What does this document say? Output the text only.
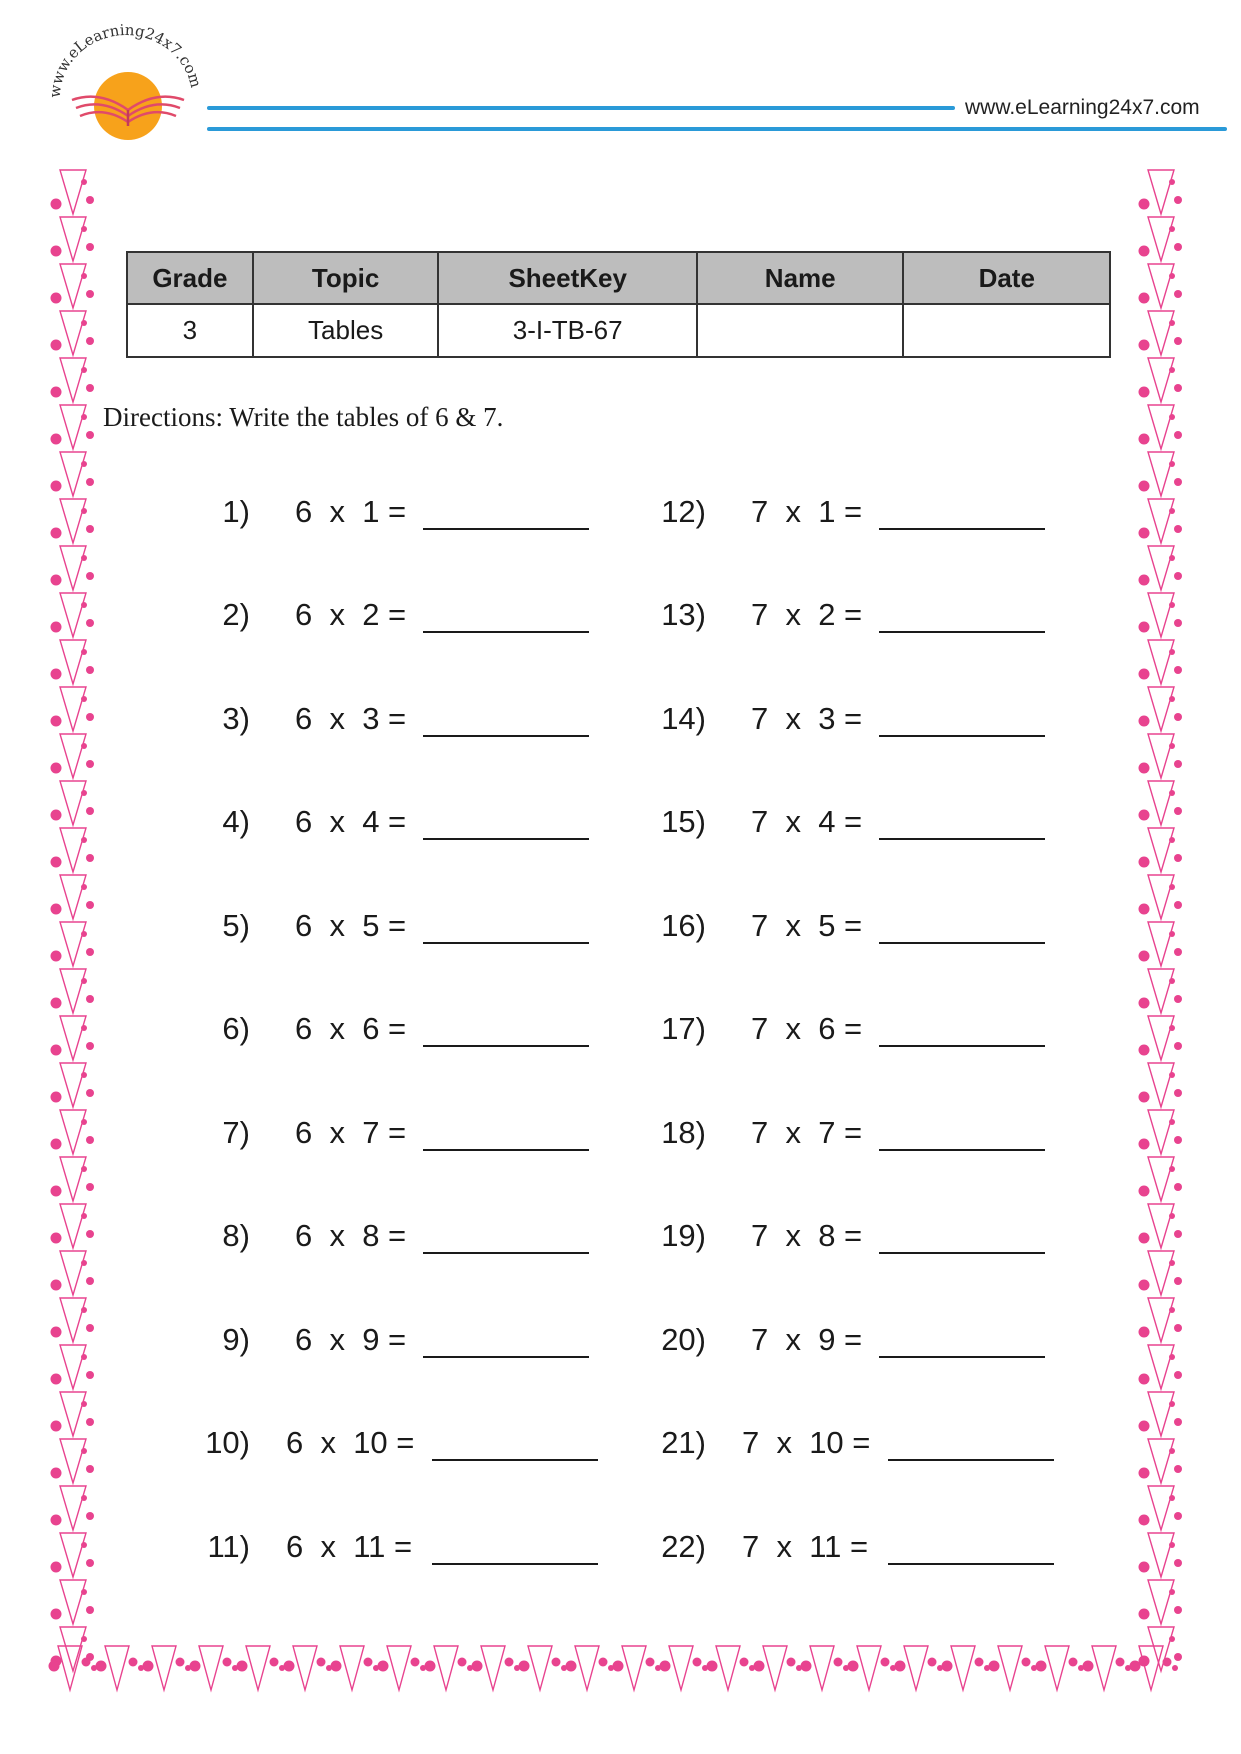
www.eLearning24x7.com
www.eLearning24x7.com
Grade	Topic	SheetKey	Name	Date
3	Tables	3-I-TB-67		
Directions: Write the tables of 6 & 7.
1) 6  x  1 =
2) 6  x  2 =
3) 6  x  3 =
4) 6  x  4 =
5) 6  x  5 =
6) 6  x  6 =
7) 6  x  7 =
8) 6  x  8 =
9) 6  x  9 =
10) 6  x  10 =
11) 6  x  11 =
12) 7  x  1 =
13) 7  x  2 =
14) 7  x  3 =
15) 7  x  4 =
16) 7  x  5 =
17) 7  x  6 =
18) 7  x  7 =
19) 7  x  8 =
20) 7  x  9 =
21) 7  x  10 =
22) 7  x  11 =
